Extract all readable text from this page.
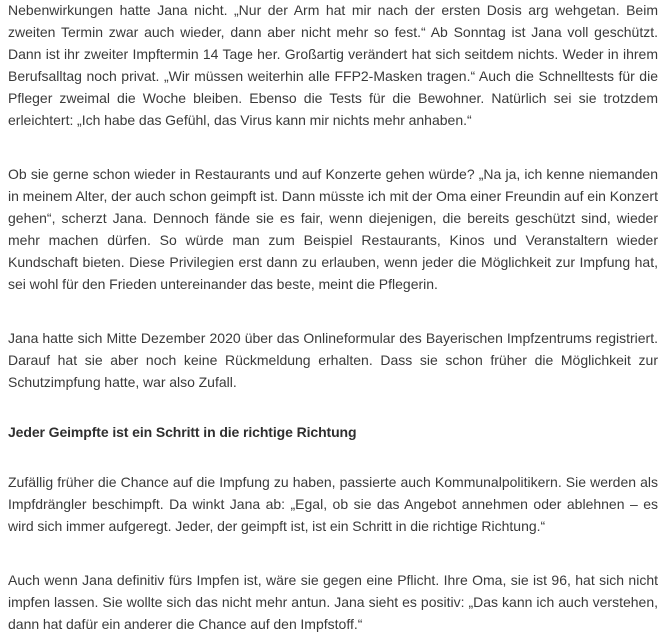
Nebenwirkungen hatte Jana nicht. „Nur der Arm hat mir nach der ersten Dosis arg wehgetan. Beim zweiten Termin zwar auch wieder, dann aber nicht mehr so fest.“ Ab Sonntag ist Jana voll geschützt. Dann ist ihr zweiter Impftermin 14 Tage her. Großartig verändert hat sich seitdem nichts. Weder in ihrem Berufsalltag noch privat. „Wir müssen weiterhin alle FFP2-Masken tragen.“ Auch die Schnelltests für die Pfleger zweimal die Woche bleiben. Ebenso die Tests für die Bewohner. Natürlich sei sie trotzdem erleichtert: „Ich habe das Gefühl, das Virus kann mir nichts mehr anhaben.“

Ob sie gerne schon wieder in Restaurants und auf Konzerte gehen würde? „Na ja, ich kenne niemanden in meinem Alter, der auch schon geimpft ist. Dann müsste ich mit der Oma einer Freundin auf ein Konzert gehen“, scherzt Jana. Dennoch fände sie es fair, wenn diejenigen, die bereits geschützt sind, wieder mehr machen dürfen. So würde man zum Beispiel Restaurants, Kinos und Veranstaltern wieder Kundschaft bieten. Diese Privilegien erst dann zu erlauben, wenn jeder die Möglichkeit zur Impfung hat, sei wohl für den Frieden untereinander das beste, meint die Pflegerin.

Jana hatte sich Mitte Dezember 2020 über das Onlineformular des Bayerischen Impfzentrums registriert. Darauf hat sie aber noch keine Rückmeldung erhalten. Dass sie schon früher die Möglichkeit zur Schutzimpfung hatte, war also Zufall.

Jeder Geimpfte ist ein Schritt in die richtige Richtung

Zufällig früher die Chance auf die Impfung zu haben, passierte auch Kommunalpolitikern. Sie werden als Impfdrängler beschimpft. Da winkt Jana ab: „Egal, ob sie das Angebot annehmen oder ablehnen – es wird sich immer aufgeregt. Jeder, der geimpft ist, ist ein Schritt in die richtige Richtung.“

Auch wenn Jana definitiv fürs Impfen ist, wäre sie gegen eine Pflicht. Ihre Oma, sie ist 96, hat sich nicht impfen lassen. Sie wollte sich das nicht mehr antun. Jana sieht es positiv: „Das kann ich auch verstehen, dann hat dafür ein anderer die Chance auf den Impfstoff.“
